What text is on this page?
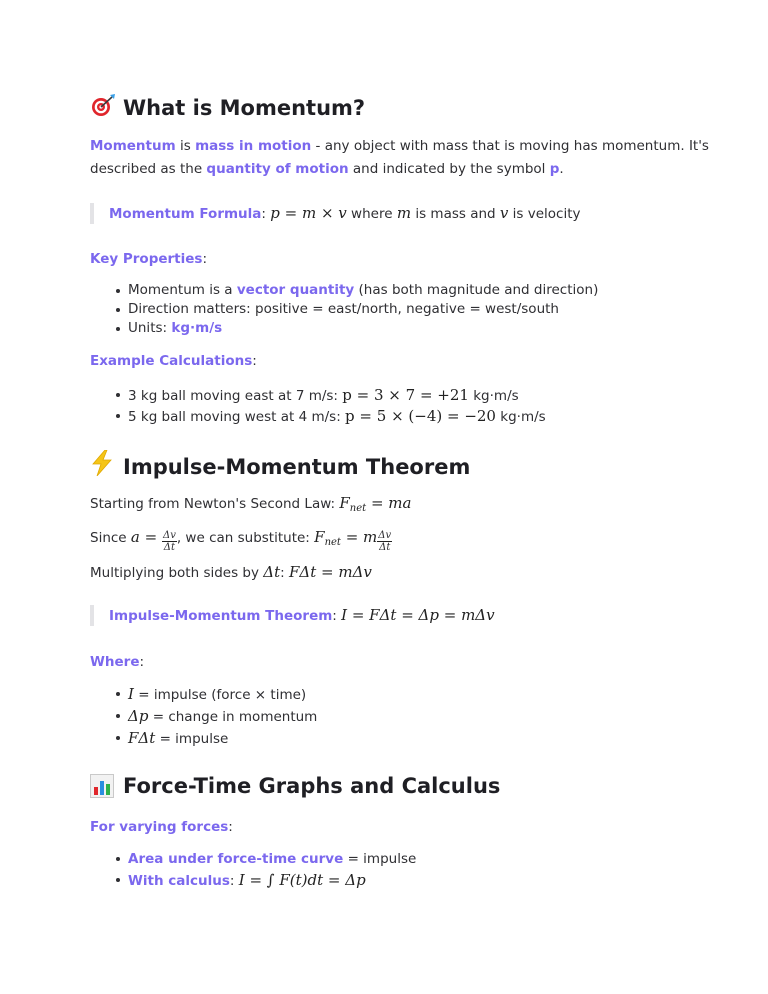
What is Momentum?

Momentum is mass in motion - any object with mass that is moving has momentum. It's

described as the quantity of motion and indicated by the symbol p.

Momentum Formula: p = m × v where m is mass and v is velocity

Key Properties:

Momentum is a vector quantity (has both magnitude and direction)
Direction matters: positive = east/north, negative = west/south
Units: kg·m/s

Example Calculations:

3 kg ball moving east at 7 m/s: p = 3 × 7 = +21 kg·m/s
5 kg ball moving west at 4 m/s: p = 5 × (−4) = −20 kg·m/s
Impulse-Momentum Theorem

Starting from Newton's Second Law: $F_{net}$ = ma

Since $a = \frac{\Delta v}{\Delta t}$ , we can substitute: $F_{net} = m \frac{\Delta v}{\Delta t}$

Multiplying both sides by Δt: FΔt = mΔv

Impulse-Momentum Theorem: I = FΔt = Δp = mΔv

Where:

I = impulse (force × time)
Δp = change in momentum
FΔt = impulse
Force-Time Graphs and Calculus

For varying forces:

Area under force-time curve = impulse
With calculus: I = ∫ F(t)dt = Δp
